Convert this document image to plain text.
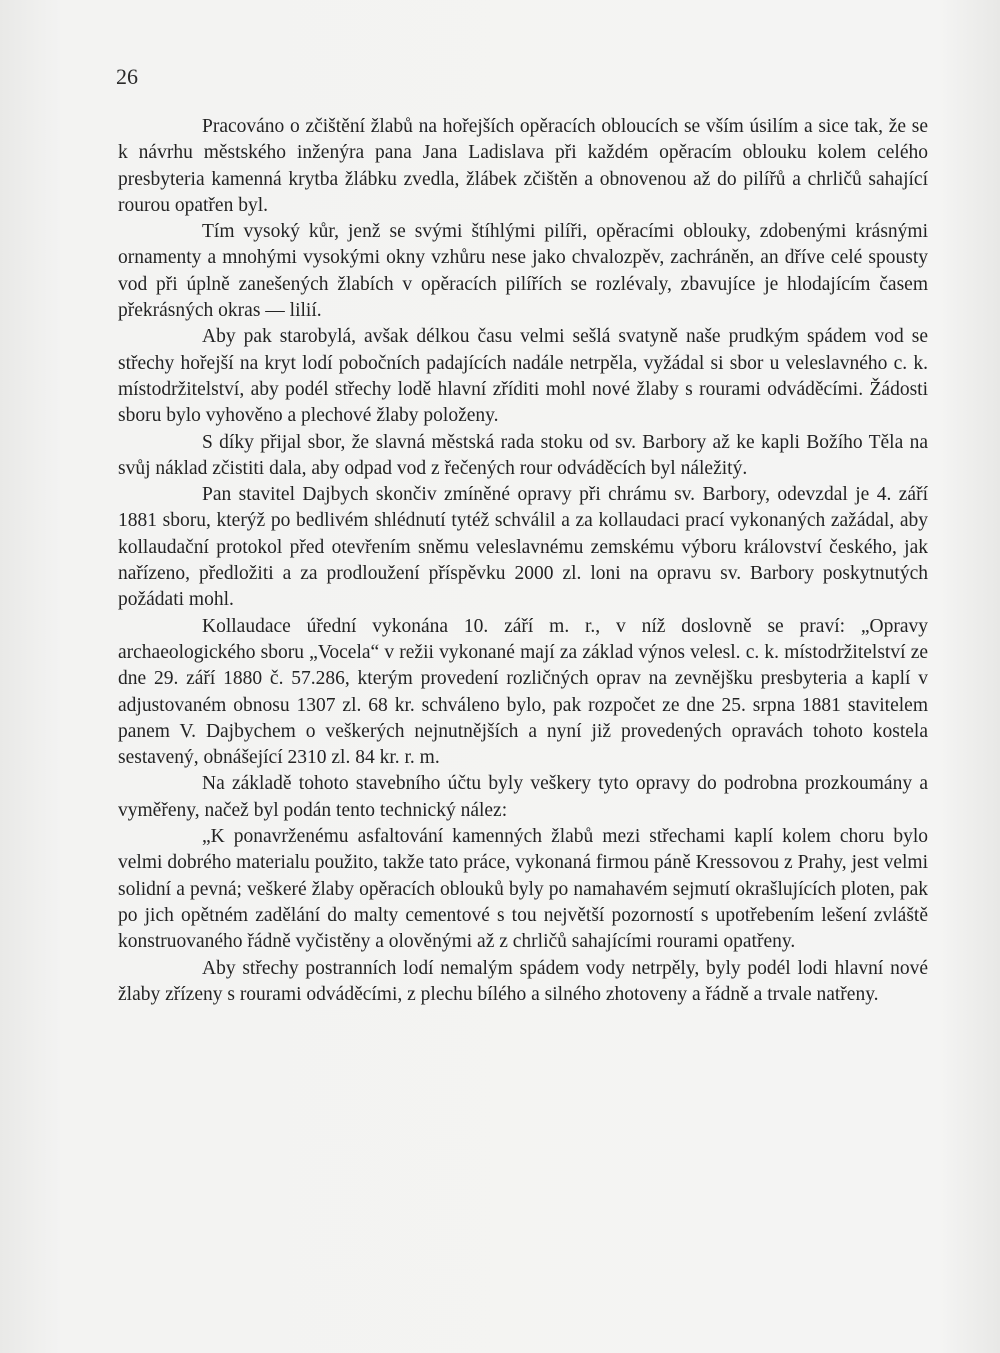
26

Pracováno o zčištění žlabů na hořejších opěracích obloucích se vším úsilím a sice tak, že se k návrhu městského inženýra pana Jana Ladislava při každém opěracím oblouku kolem celého presbyteria kamenná krytba žlábku zvedla, žlábek zčištěn a obnovenou až do pilířů a chrličů sahající rourou opatřen byl.

Tím vysoký kůr, jenž se svými štíhlými pilíři, opěracími oblouky, zdobenými krásnými ornamenty a mnohými vysokými okny vzhůru nese jako chvalozpěv, zachráněn, an dříve celé spousty vod při úplně zanešených žlabích v opěracích pilířích se rozlévaly, zbavujíce je hlodajícím časem překrásných okras — lilií.

Aby pak starobylá, avšak délkou času velmi sešlá svatyně naše prudkým spádem vod se střechy hořejší na kryt lodí pobočních padajících nadále netrpěla, vyžádal si sbor u veleslavného c. k. místodržitelství, aby podél střechy lodě hlavní zříditi mohl nové žlaby s rourami odváděcími. Žádosti sboru bylo vyhověno a plechové žlaby položeny.

S díky přijal sbor, že slavná městská rada stoku od sv. Barbory až ke kapli Božího Těla na svůj náklad zčistiti dala, aby odpad vod z řečených rour odváděcích byl náležitý.

Pan stavitel Dajbych skončiv zmíněné opravy při chrámu sv. Barbory, odevzdal je 4. září 1881 sboru, kterýž po bedlivém shlédnutí tytéž schválil a za kollaudaci prací vykonaných zažádal, aby kollaudační protokol před otevřením sněmu veleslavnému zemskému výboru království českého, jak nařízeno, předložiti a za prodloužení příspěvku 2000 zl. loni na opravu sv. Barbory poskytnutých požádati mohl.

Kollaudace úřední vykonána 10. září m. r., v níž doslovně se praví: „Opravy archaeologického sboru „Vocela“ v režii vykonané mají za základ výnos velesl. c. k. místodržitelství ze dne 29. září 1880 č. 57.286, kterým provedení rozličných oprav na zevnějšku presbyteria a kaplí v adjustovaném obnosu 1307 zl. 68 kr. schváleno bylo, pak rozpočet ze dne 25. srpna 1881 stavitelem panem V. Dajbychem o veškerých nejnutnějších a nyní již provedených opravách tohoto kostela sestavený, obnášející 2310 zl. 84 kr. r. m.

Na základě tohoto stavebního účtu byly veškery tyto opravy do podrobna prozkoumány a vyměřeny, načež byl podán tento technický nález:

„K ponavrženému asfaltování kamenných žlabů mezi střechami kaplí kolem choru bylo velmi dobrého materialu použito, takže tato práce, vykonaná firmou páně Kressovou z Prahy, jest velmi solidní a pevná; veškeré žlaby opěracích oblouků byly po namahavém sejmutí okrašlujících ploten, pak po jich opětném zadělání do malty cementové s tou největší pozorností s upotřebením lešení zvláště konstruovaného řádně vyčistěny a olověnými až z chrličů sahajícími rourami opatřeny.

Aby střechy postranních lodí nemalým spádem vody netrpěly, byly podél lodi hlavní nové žlaby zřízeny s rourami odváděcími, z plechu bílého a silného zhotoveny a řádně a trvale natřeny.
